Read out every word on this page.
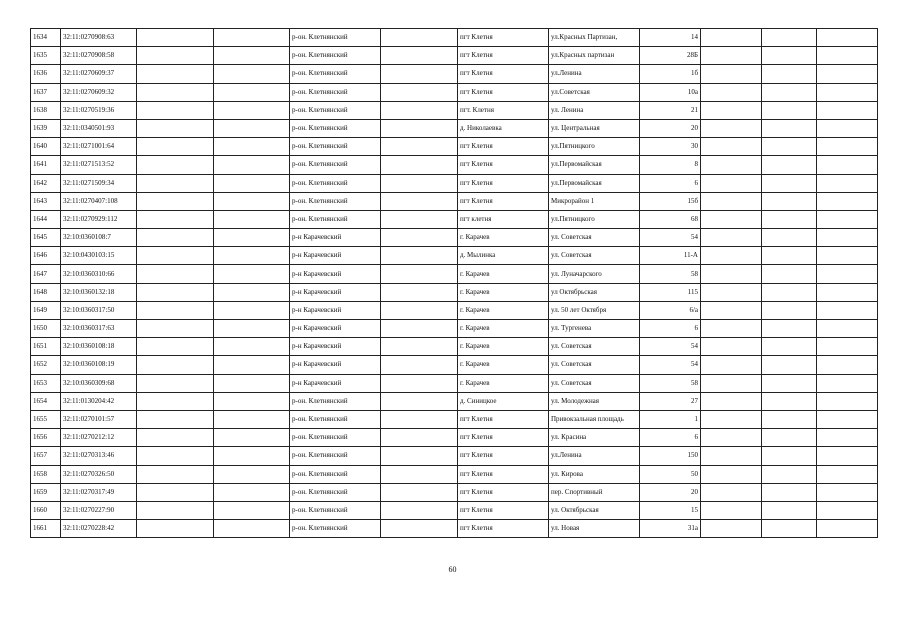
1634	32:11:0270908:63			р-он. Клетнянский		пгт Клетня	ул.Красных Партизан,	14			
1635	32:11:0270908:58			р-он. Клетнянский		пгт Клетня	ул.Красных партизан	28Б			
1636	32:11:0270609:37			р-он. Клетнянский		пгт Клетня	ул.Ленина	1б			
1637	32:11:0270609:32			р-он. Клетнянский		пгт Клетня	ул.Советская	10а			
1638	32:11:0270519:36			р-он. Клетнянский		пгт. Клетня	ул. Ленина	21			
1639	32:11:0340501:93			р-он. Клетнянский		д. Николаевка	ул. Центральная	20			
1640	32:11:0271001:64			р-он. Клетнянский		пгт Клетня	ул.Пятницкого	30			
1641	32:11:0271513:52			р-он. Клетнянский		пгт Клетня	ул.Первомайская	8			
1642	32:11:0271509:34			р-он. Клетнянский		пгт Клетня	ул.Первомайская	6			
1643	32:11:0270407:108			р-он. Клетнянский		пгт Клетня	Микрорайон 1	15б			
1644	32:11:0270929:112			р-он. Клетнянский		пгт клетня	ул.Пятницкого	68			
1645	32:10:0360108:7			р-н Карачевский		г. Карачев	ул. Советская	54			
1646	32:10:0430103:15			р-н Карачевский		д. Мылинка	ул. Советская	11-А			
1647	32:10:0360310:66			р-н Карачевский		г. Карачев	ул. Луначарского	58			
1648	32:10:0360132:18			р-н Карачевский		г. Карачев	ул Октябрьская	115			
1649	32:10:0360317:50			р-н Карачевский		г. Карачев	ул. 50 лет Октября	6/а			
1650	32:10:0360317:63			р-н Карачевский		г. Карачев	ул. Тургенева	6			
1651	32:10:0360108:18			р-н Карачевский		г. Карачев	ул. Советская	54			
1652	32:10:0360108:19			р-н Карачевский		г. Карачев	ул. Советская	54			
1653	32:10:0360309:68			р-н Карачевский		г. Карачев	ул. Советская	58			
1654	32:11:0130204:42			р-он. Клетнянский		д. Синицкое	ул. Молодежная	27			
1655	32:11:0270101:57			р-он. Клетнянский		пгт Клетня	Привокзальная площадь	1			
1656	32:11:0270212:12			р-он. Клетнянский		пгт Клетня	ул. Красина	6			
1657	32:11:0270313:46			р-он. Клетнянский		пгт Клетня	ул.Ленина	150			
1658	32:11:0270326:50			р-он. Клетнянский		пгт Клетня	ул. Кирова	50			
1659	32:11:0270317:49			р-он. Клетнянский		пгт Клетня	пер. Спортивный	20			
1660	32:11:0270227:90			р-он. Клетнянский		пгт Клетня	ул. Октябрьская	15			
1661	32:11:0270228:42			р-он. Клетнянский		пгт Клетня	ул. Новая	31а			
60
